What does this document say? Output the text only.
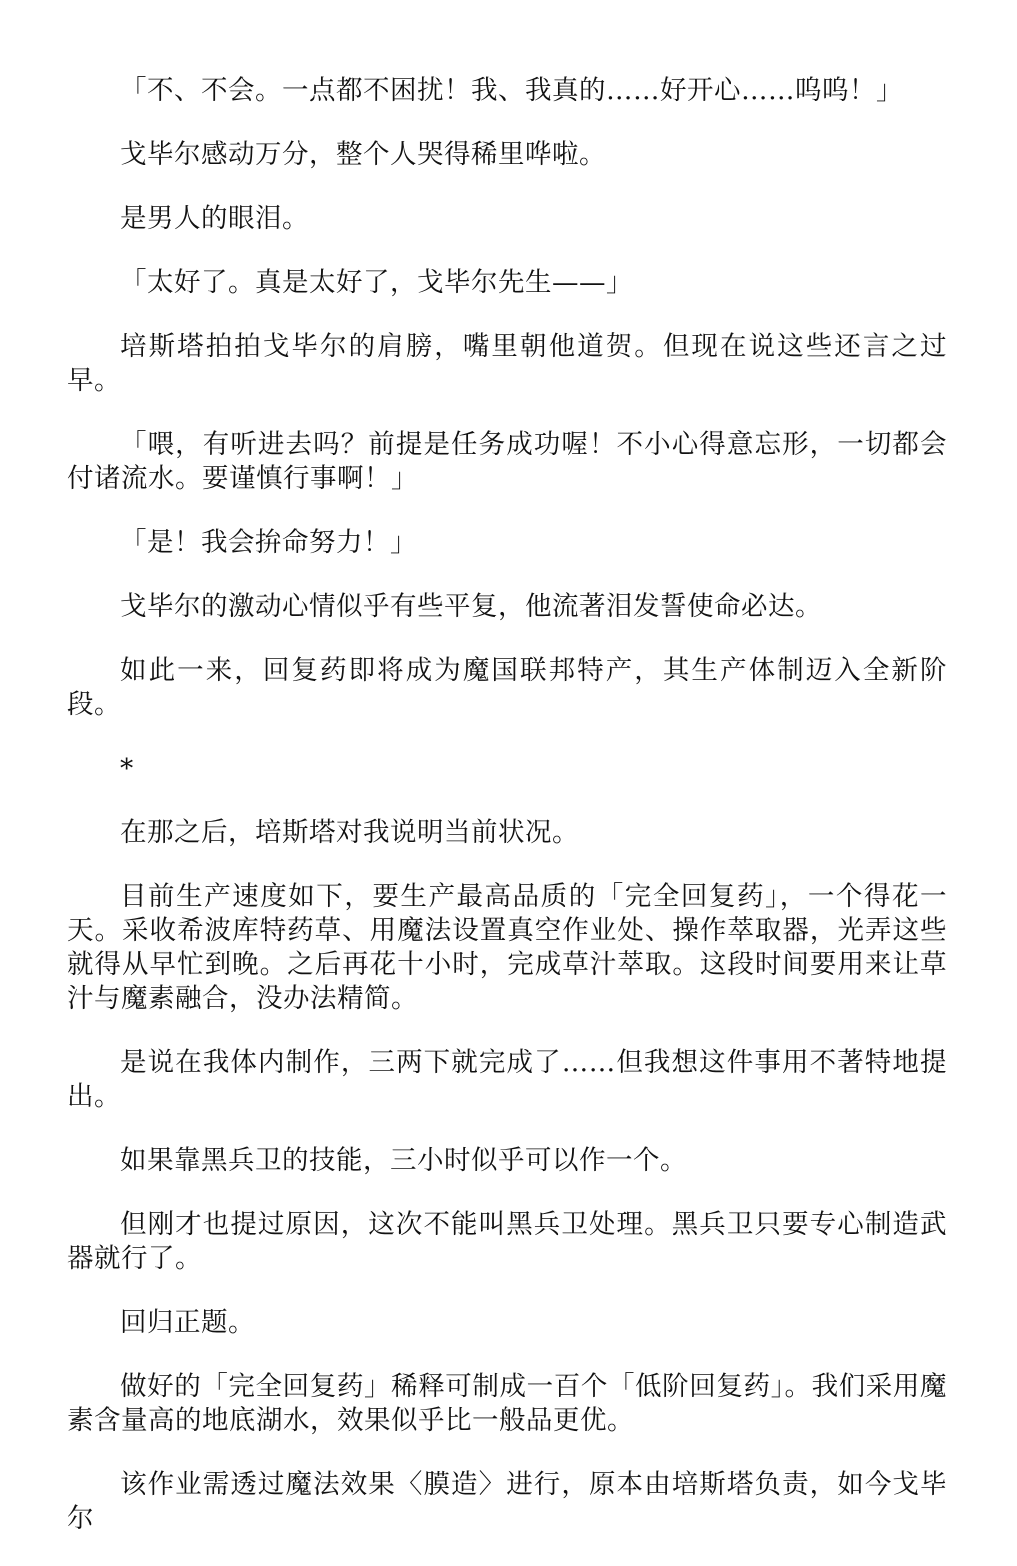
「不、不会。一点都不困扰！我、我真的……好开心……呜呜！」

戈毕尔感动万分，整个人哭得稀里哗啦。

是男人的眼泪。

「太好了。真是太好了，戈毕尔先生——」

培斯塔拍拍戈毕尔的肩膀，嘴里朝他道贺。但现在说这些还言之过早。

「喂，有听进去吗？前提是任务成功喔！不小心得意忘形，一切都会付诸流水。要谨慎行事啊！」

「是！我会拚命努力！」

戈毕尔的激动心情似乎有些平复，他流著泪发誓使命必达。

如此一来，回复药即将成为魔国联邦特产，其生产体制迈入全新阶段。

*

在那之后，培斯塔对我说明当前状况。

目前生产速度如下，要生产最高品质的「完全回复药」，一个得花一天。采收希波库特药草、用魔法设置真空作业处、操作萃取器，光弄这些就得从早忙到晚。之后再花十小时，完成草汁萃取。这段时间要用来让草汁与魔素融合，没办法精简。

是说在我体内制作，三两下就完成了……但我想这件事用不著特地提出。

如果靠黑兵卫的技能，三小时似乎可以作一个。

但刚才也提过原因，这次不能叫黑兵卫处理。黑兵卫只要专心制造武器就行了。

回归正题。

做好的「完全回复药」稀释可制成一百个「低阶回复药」。我们采用魔素含量高的地底湖水，效果似乎比一般品更优。

该作业需透过魔法效果〈膜造〉进行，原本由培斯塔负责，如今戈毕尔
